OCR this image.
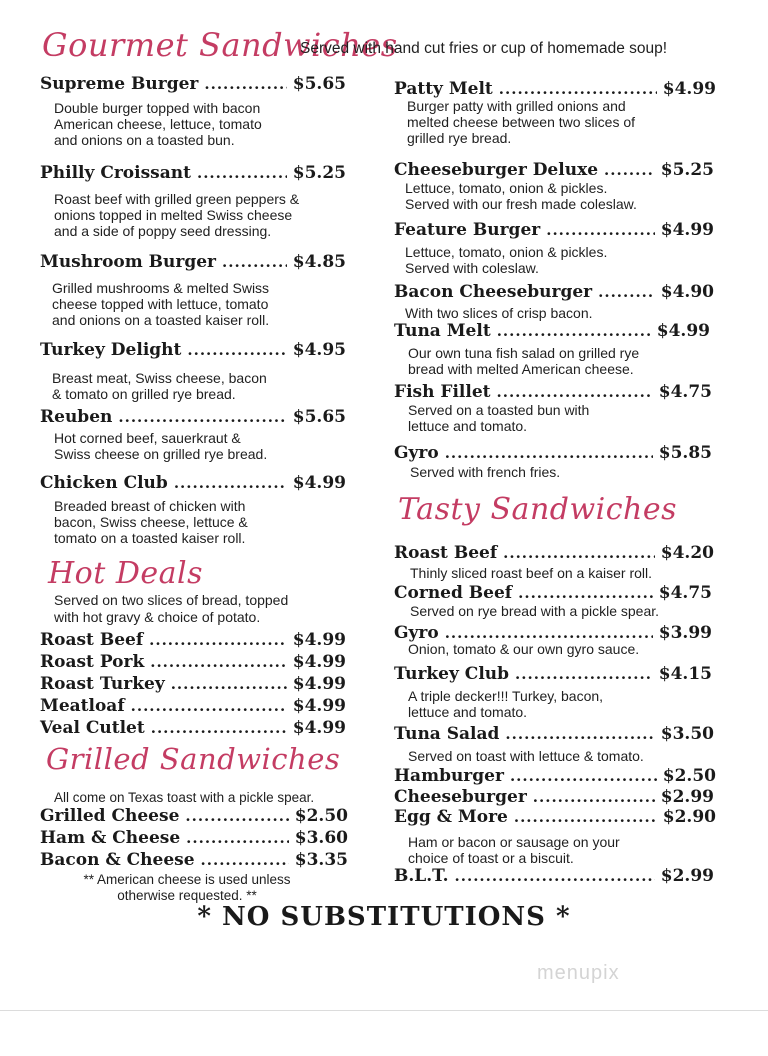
Gourmet Sandwiches
Served with hand cut fries or cup of homemade soup!
Supreme Burger .....	$5.65
Double burger topped with bacon
American cheese, lettuce, tomato
and onions on a toasted bun.
Philly Croissant .....	$5.25
Roast beef with grilled green peppers &
onions topped in melted Swiss cheese
and a side of poppy seed dressing.
Mushroom Burger .....	$4.85
Grilled mushrooms & melted Swiss
cheese topped with lettuce, tomato
and onions on a toasted kaiser roll.
Turkey Delight .....	$4.95
Breast meat, Swiss cheese, bacon
& tomato on grilled rye bread.
Reuben .....	$5.65
Hot corned beef, sauerkraut &
Swiss cheese on grilled rye bread.
Chicken Club .....	$4.99
Breaded breast of chicken with
bacon, Swiss cheese, lettuce &
tomato on a toasted kaiser roll.
Hot Deals
Served on two slices of bread, topped
with hot gravy & choice of potato.
Roast Beef .....	$4.99
Roast Pork .....	$4.99
Roast Turkey .....	$4.99
Meatloaf .....	$4.99
Veal Cutlet .....	$4.99
Grilled Sandwiches
All come on Texas toast with a pickle spear.
Grilled Cheese .....	$2.50
Ham & Cheese .....	$3.60
Bacon & Cheese .....	$3.35
** American cheese is used unless
otherwise requested. **
Patty Melt .....	$4.99
Burger patty with grilled onions and
melted cheese between two slices of
grilled rye bread.
Cheeseburger Deluxe .....	$5.25
Lettuce, tomato, onion & pickles.
Served with our fresh made coleslaw.
Feature Burger .....	$4.99
Lettuce, tomato, onion & pickles.
Served with coleslaw.
Bacon Cheeseburger .....	$4.90
With two slices of crisp bacon.
Tuna Melt .....	$4.99
Our own tuna fish salad on grilled rye
bread with melted American cheese.
Fish Fillet .....	$4.75
Served on a toasted bun with
lettuce and tomato.
Gyro .....	$5.85
Served with french fries.
Tasty Sandwiches
Roast Beef .....	$4.20
Thinly sliced roast beef on a kaiser roll.
Corned Beef .....	$4.75
Served on rye bread with a pickle spear.
Gyro .....	$3.99
Onion, tomato & our own gyro sauce.
Turkey Club .....	$4.15
A triple decker!!! Turkey, bacon,
lettuce and tomato.
Tuna Salad .....	$3.50
Served on toast with lettuce & tomato.
Hamburger .....	$2.50
Cheeseburger .....	$2.99
Egg & More .....	$2.90
Ham or bacon or sausage on your
choice of toast or a biscuit.
B.L.T. .....	$2.99
* NO SUBSTITUTIONS *
menupix
